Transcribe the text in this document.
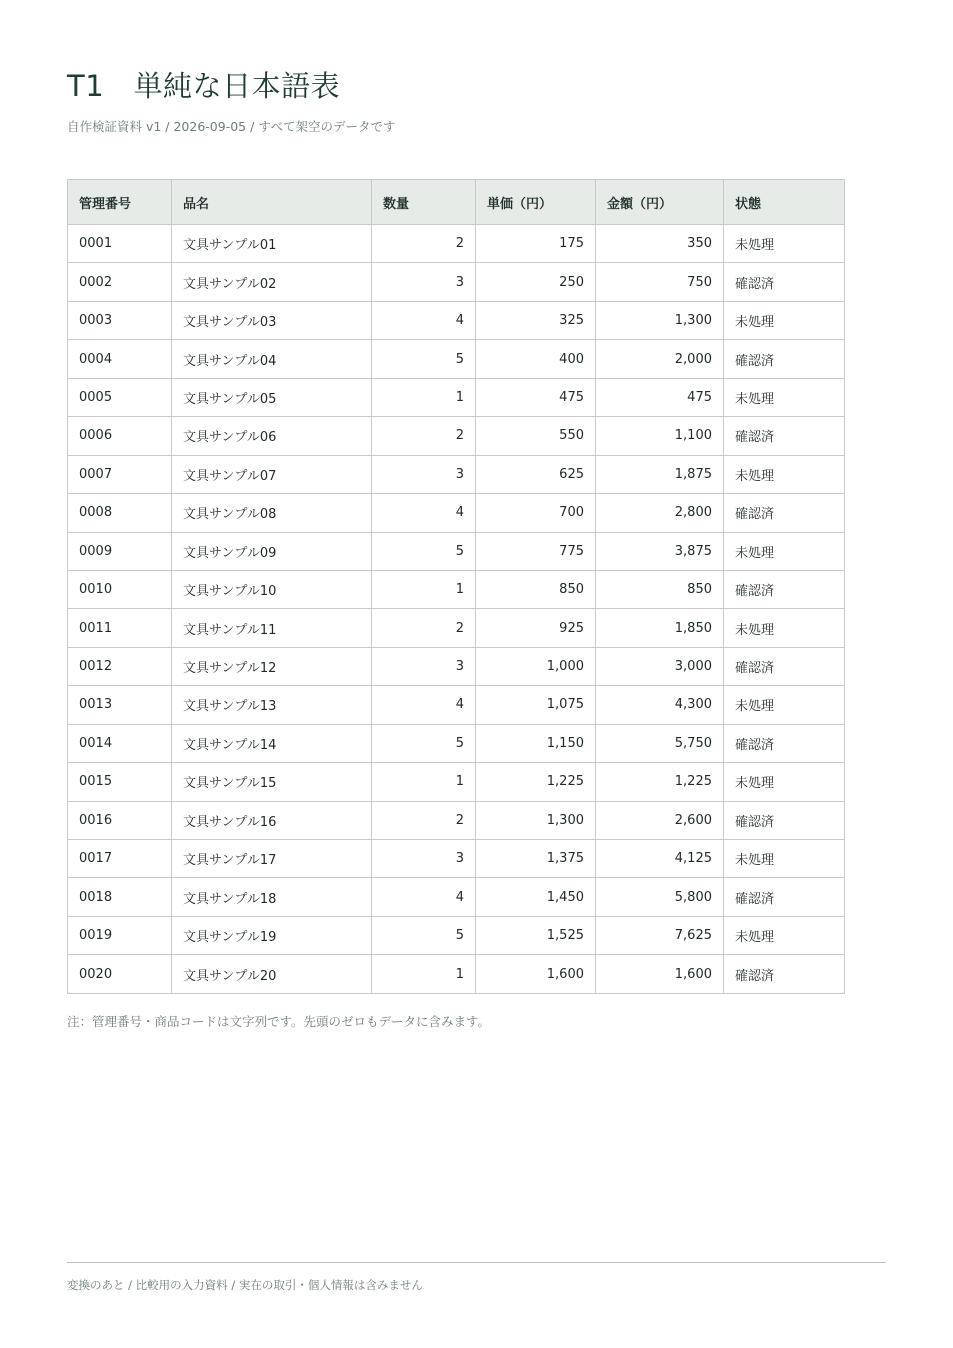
T1　単純な日本語表
自作検証資料 v1 / 2026-09-05 / すべて架空のデータです
管理番号	品名	数量	単価（円）	金額（円）	状態
0001	文具サンプル01	2	175	350	未処理
0002	文具サンプル02	3	250	750	確認済
0003	文具サンプル03	4	325	1,300	未処理
0004	文具サンプル04	5	400	2,000	確認済
0005	文具サンプル05	1	475	475	未処理
0006	文具サンプル06	2	550	1,100	確認済
0007	文具サンプル07	3	625	1,875	未処理
0008	文具サンプル08	4	700	2,800	確認済
0009	文具サンプル09	5	775	3,875	未処理
0010	文具サンプル10	1	850	850	確認済
0011	文具サンプル11	2	925	1,850	未処理
0012	文具サンプル12	3	1,000	3,000	確認済
0013	文具サンプル13	4	1,075	4,300	未処理
0014	文具サンプル14	5	1,150	5,750	確認済
0015	文具サンプル15	1	1,225	1,225	未処理
0016	文具サンプル16	2	1,300	2,600	確認済
0017	文具サンプル17	3	1,375	4,125	未処理
0018	文具サンプル18	4	1,450	5,800	確認済
0019	文具サンプル19	5	1,525	7,625	未処理
0020	文具サンプル20	1	1,600	1,600	確認済
注：管理番号・商品コードは文字列です。先頭のゼロもデータに含みます。
変換のあと / 比較用の入力資料 / 実在の取引・個人情報は含みません
